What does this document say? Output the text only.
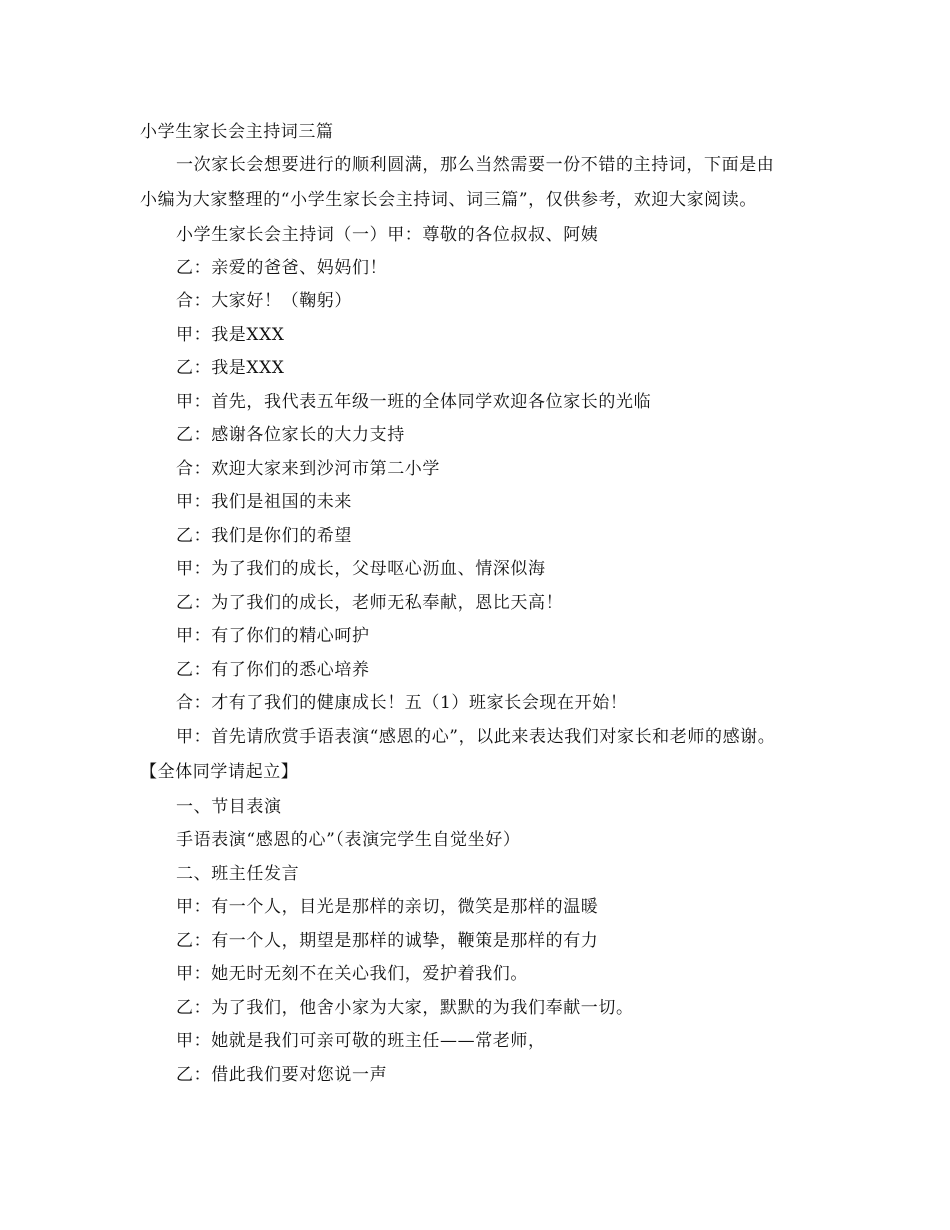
小学生家长会主持词三篇
一次家长会想要进行的顺利圆满，那么当然需要一份不错的主持词，下面是由
小编为大家整理的“小学生家长会主持词、词三篇”，仅供参考，欢迎大家阅读。
小学生家长会主持词（一）甲：尊敬的各位叔叔、阿姨
乙：亲爱的爸爸、妈妈们！
合：大家好！（鞠躬）
甲：我是XXX
乙：我是XXX
甲：首先，我代表五年级一班的全体同学欢迎各位家长的光临
乙：感谢各位家长的大力支持
合：欢迎大家来到沙河市第二小学
甲：我们是祖国的未来
乙：我们是你们的希望
甲：为了我们的成长，父母呕心沥血、情深似海
乙：为了我们的成长，老师无私奉献，恩比天高！
甲：有了你们的精心呵护
乙：有了你们的悉心培养
合：才有了我们的健康成长！五（1）班家长会现在开始！
甲：首先请欣赏手语表演“感恩的心”，以此来表达我们对家长和老师的感谢。
【全体同学请起立】
一、节目表演
手语表演“感恩的心”（表演完学生自觉坐好）
二、班主任发言
甲：有一个人，目光是那样的亲切，微笑是那样的温暖
乙：有一个人，期望是那样的诚挚，鞭策是那样的有力
甲：她无时无刻不在关心我们，爱护着我们。
乙：为了我们，他舍小家为大家，默默的为我们奉献一切。
甲：她就是我们可亲可敬的班主任——常老师，
乙：借此我们要对您说一声
